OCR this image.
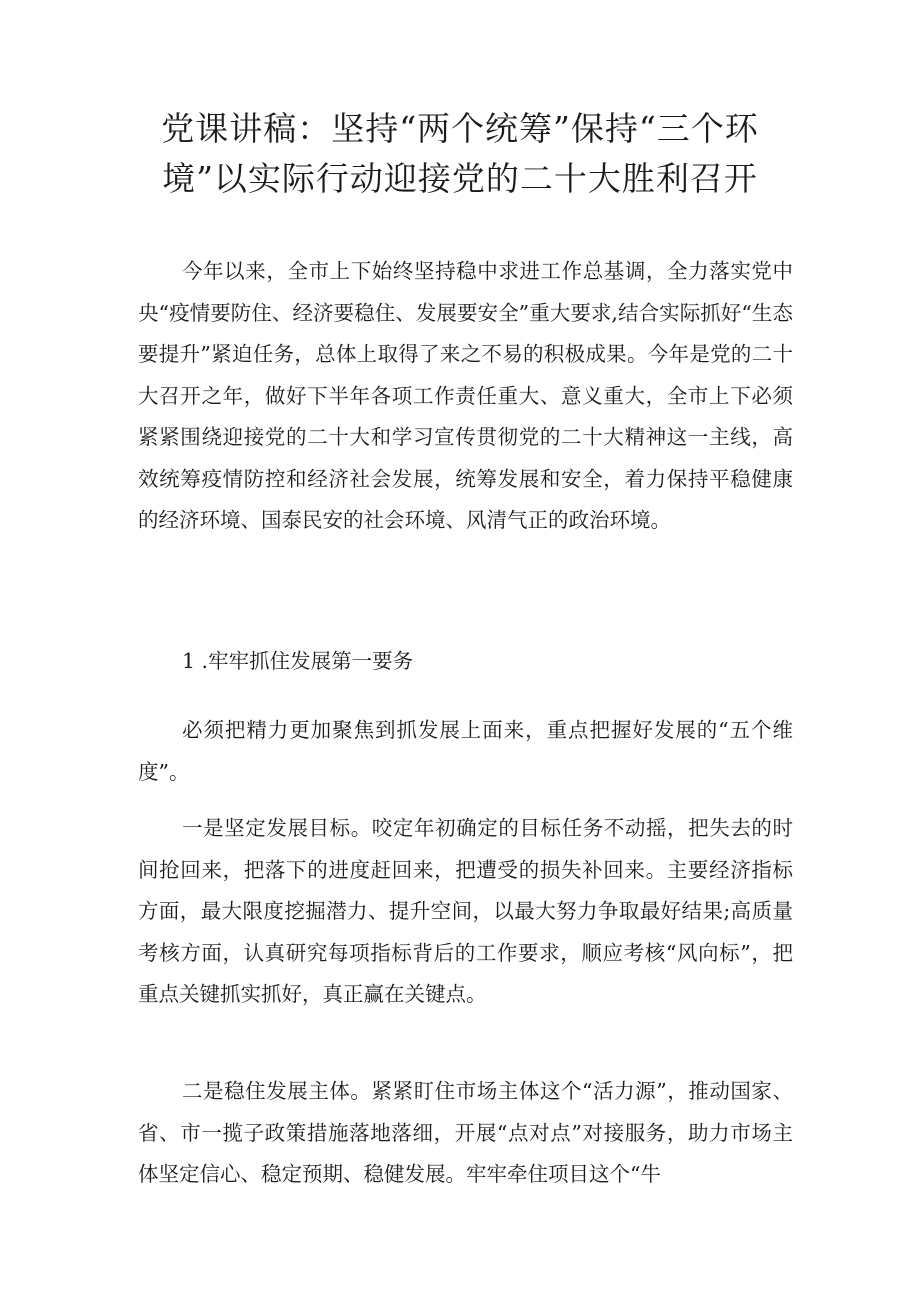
党课讲稿：坚持“两个统筹”保持“三个环
境”以实际行动迎接党的二十大胜利召开

今年以来，全市上下始终坚持稳中求进工作总基调，全力落实党中央“疫情要防住、经济要稳住、发展要安全”重大要求,结合实际抓好“生态要提升”紧迫任务，总体上取得了来之不易的积极成果。今年是党的二十大召开之年，做好下半年各项工作责任重大、意义重大，全市上下必须紧紧围绕迎接党的二十大和学习宣传贯彻党的二十大精神这一主线，高效统筹疫情防控和经济社会发展，统筹发展和安全，着力保持平稳健康的经济环境、国泰民安的社会环境、风清气正的政治环境。

1 .牢牢抓住发展第一要务

必须把精力更加聚焦到抓发展上面来，重点把握好发展的“五个维度”。

一是坚定发展目标。咬定年初确定的目标任务不动摇，把失去的时间抢回来，把落下的进度赶回来，把遭受的损失补回来。主要经济指标方面，最大限度挖掘潜力、提升空间，以最大努力争取最好结果;高质量考核方面，认真研究每项指标背后的工作要求，顺应考核“风向标”，把重点关键抓实抓好，真正赢在关键点。

二是稳住发展主体。紧紧盯住市场主体这个“活力源”，推动国家、省、市一揽子政策措施落地落细，开展“点对点”对接服务，助力市场主体坚定信心、稳定预期、稳健发展。牢牢牵住项目这个“牛
